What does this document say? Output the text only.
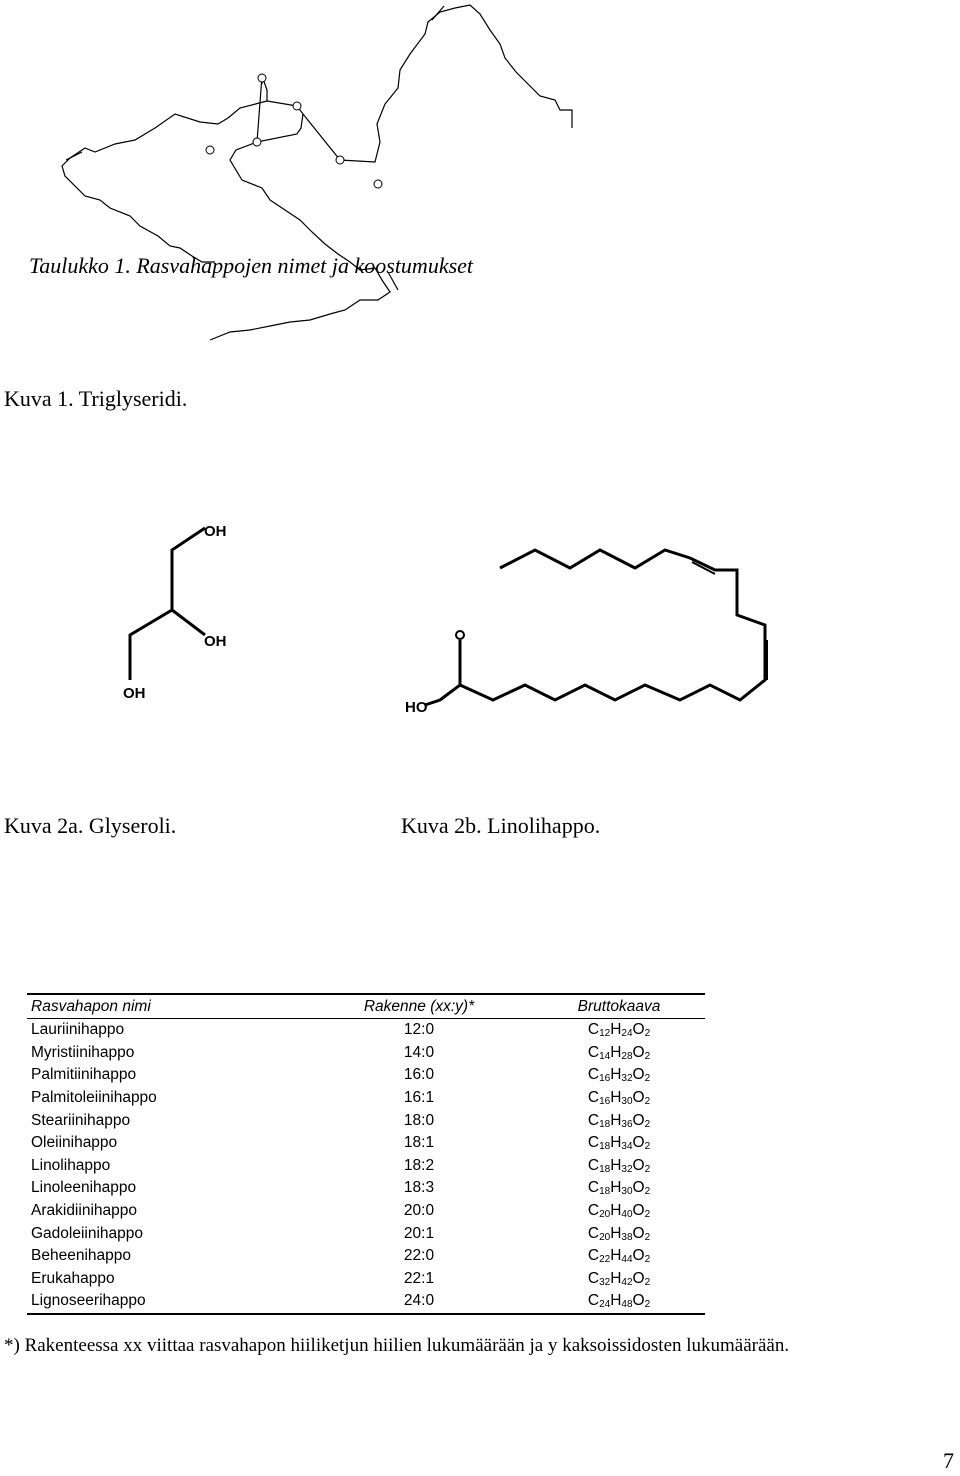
Kuva 1. Triglyseridi.
OH
OH
OH
HO
Kuva 2a. Glyseroli.	Kuva 2b. Linolihappo.
Taulukko 1. Rasvahappojen nimet ja koostumukset
Rasvahapon nimi	Rakenne (xx:y)*	Bruttokaava
Lauriinihappo	12:0	$C_{12}H_{24}O_2$
Myristiinihappo	14:0	$C_{14}H_{28}O_2$
Palmitiinihappo	16:0	$C_{16}H_{32}O_2$
Palmitoleiinihappo	16:1	$C_{16}H_{30}O_2$
Steariinihappo	18:0	$C_{18}H_{36}O_2$
Oleiinihappo	18:1	$C_{18}H_{34}O_2$
Linolihappo	18:2	$C_{18}H_{32}O_2$
Linoleenihappo	18:3	$C_{18}H_{30}O_2$
Arakidiinihappo	20:0	$C_{20}H_{40}O_2$
Gadoleiinihappo	20:1	$C_{20}H_{38}O_2$
Beheenihappo	22:0	$C_{22}H_{44}O_2$
Erukahappo	22:1	$C_{32}H_{42}O_2$
Lignoseerihappo	24:0	$C_{24}H_{48}O_2$
*) Rakenteessa xx viittaa rasvahapon hiiliketjun hiilien lukumäärään ja y kaksoissidosten lukumäärään.
7
